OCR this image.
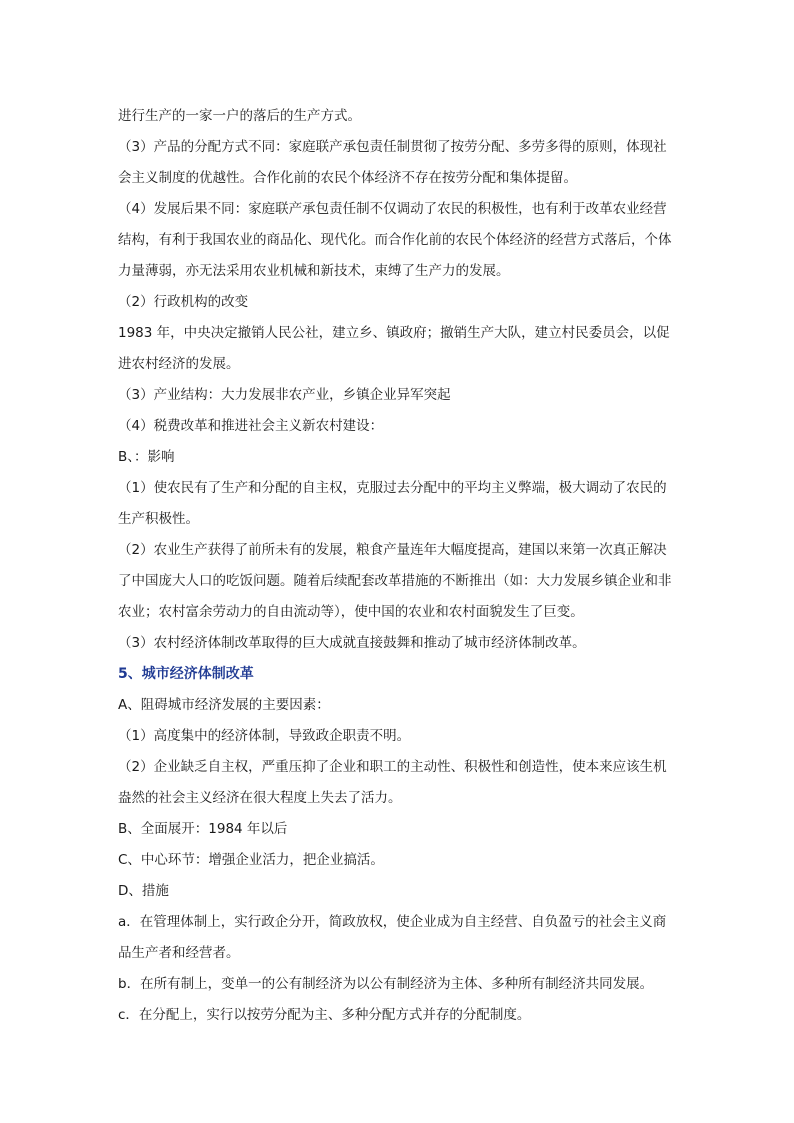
进行生产的一家一户的落后的生产方式。

（3）产品的分配方式不同：家庭联产承包责任制贯彻了按劳分配、多劳多得的原则，体现社会主义制度的优越性。合作化前的农民个体经济不存在按劳分配和集体提留。

（4）发展后果不同：家庭联产承包责任制不仅调动了农民的积极性，也有利于改革农业经营结构，有利于我国农业的商品化、现代化。而合作化前的农民个体经济的经营方式落后，个体力量薄弱，亦无法采用农业机械和新技术，束缚了生产力的发展。

（2）行政机构的改变

1983 年，中央决定撤销人民公社，建立乡、镇政府；撤销生产大队，建立村民委员会，以促进农村经济的发展。

（3）产业结构：大力发展非农产业，乡镇企业异军突起

（4）税费改革和推进社会主义新农村建设：

B、：影响

（1）使农民有了生产和分配的自主权，克服过去分配中的平均主义弊端，极大调动了农民的生产积极性。

（2）农业生产获得了前所未有的发展，粮食产量连年大幅度提高，建国以来第一次真正解决了中国庞大人口的吃饭问题。随着后续配套改革措施的不断推出（如：大力发展乡镇企业和非农业；农村富余劳动力的自由流动等），使中国的农业和农村面貌发生了巨变。

（3）农村经济体制改革取得的巨大成就直接鼓舞和推动了城市经济体制改革。

5、城市经济体制改革

A、阻碍城市经济发展的主要因素：

（1）高度集中的经济体制，导致政企职责不明。

（2）企业缺乏自主权，严重压抑了企业和职工的主动性、积极性和创造性，使本来应该生机盎然的社会主义经济在很大程度上失去了活力。

B、全面展开：1984 年以后

C、中心环节：增强企业活力，把企业搞活。

D、措施

a．在管理体制上，实行政企分开，简政放权，使企业成为自主经营、自负盈亏的社会主义商品生产者和经营者。

b．在所有制上，变单一的公有制经济为以公有制经济为主体、多种所有制经济共同发展。

c．在分配上，实行以按劳分配为主、多种分配方式并存的分配制度。
